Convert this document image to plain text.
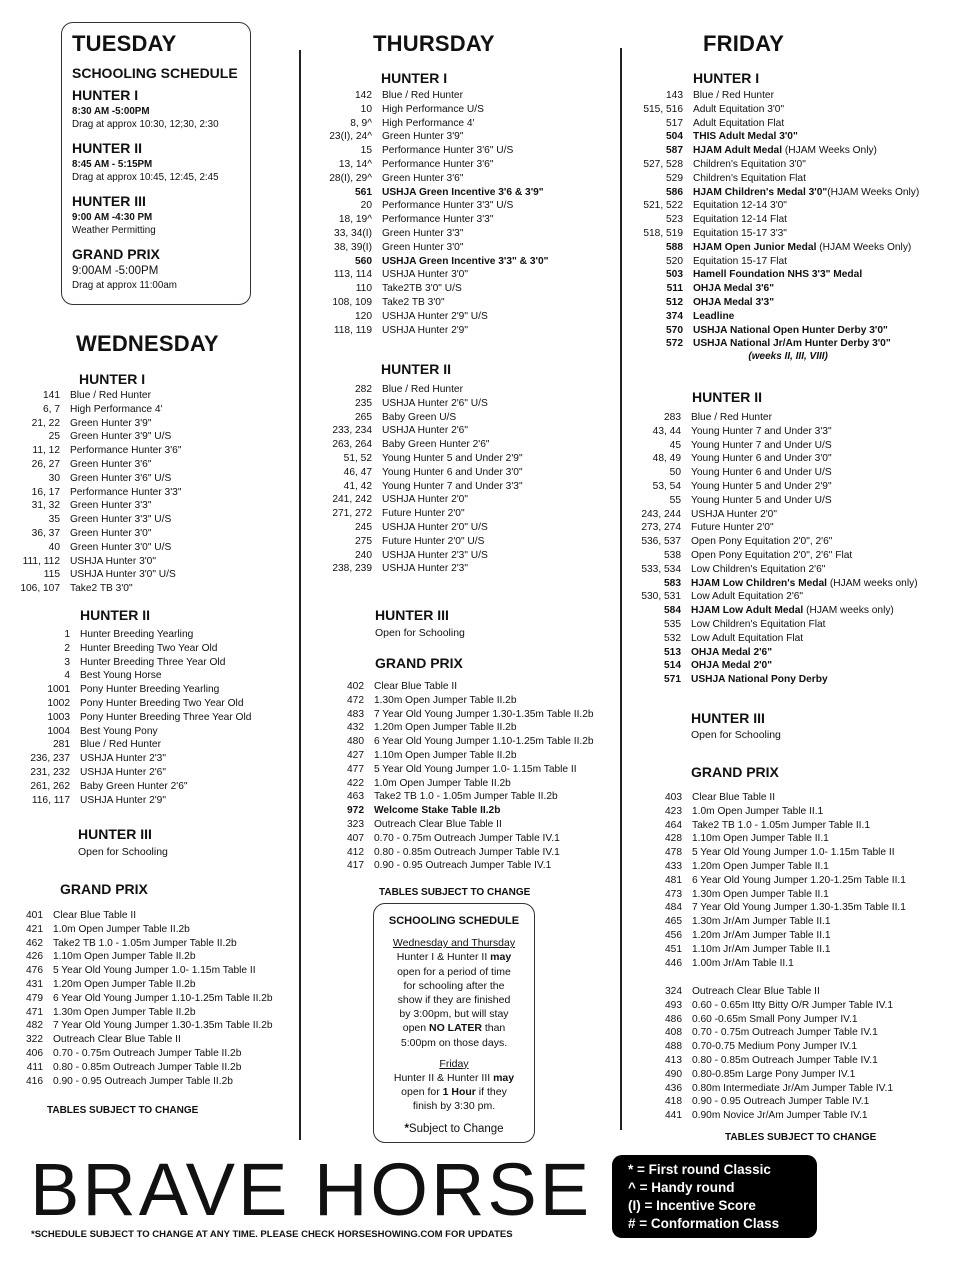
TUESDAY
SCHOOLING SCHEDULE
HUNTER I
8:30 AM -5:00PM
Drag at approx 10:30, 12;30, 2:30
HUNTER II
8:45 AM - 5:15PM
Drag at approx 10:45, 12:45, 2:45
HUNTER III
9:00 AM -4:30 PM
Weather Permitting
GRAND PRIX
9:00AM -5:00PM
Drag at approx 11:00am
WEDNESDAY
HUNTER I
141 Blue / Red Hunter
6, 7 High Performance 4'
21, 22 Green Hunter 3'9"
25 Green Hunter 3'9" U/S
11, 12 Performance Hunter 3'6"
26, 27 Green Hunter 3'6"
30 Green Hunter 3'6" U/S
16, 17 Performance Hunter 3'3"
31, 32 Green Hunter 3'3"
35 Green Hunter 3'3" U/S
36, 37 Green Hunter 3'0"
40 Green Hunter 3'0" U/S
111, 112 USHJA Hunter 3'0"
115 USHJA Hunter 3'0" U/S
106, 107 Take2 TB 3'0"
HUNTER II
1 Hunter Breeding Yearling
2 Hunter Breeding Two Year Old
3 Hunter Breeding Three Year Old
4 Best Young Horse
1001 Pony Hunter Breeding Yearling
1002 Pony Hunter Breeding Two Year Old
1003 Pony Hunter Breeding Three Year Old
1004 Best Young Pony
281 Blue / Red Hunter
236, 237 USHJA Hunter 2'3"
231, 232 USHJA Hunter 2'6"
261, 262 Baby Green Hunter 2'6"
116, 117 USHJA Hunter 2'9"
HUNTER III
Open for Schooling
GRAND PRIX
401 Clear Blue Table II
421 1.0m Open Jumper Table II.2b
462 Take2 TB 1.0 - 1.05m Jumper Table II.2b
426 1.10m Open Jumper Table II.2b
476 5 Year Old Young Jumper 1.0- 1.15m Table II
431 1.20m Open Jumper Table II.2b
479 6 Year Old Young Jumper 1.10-1.25m Table II.2b
471 1.30m Open Jumper Table II.2b
482 7 Year Old Young Jumper 1.30-1.35m Table II.2b
322 Outreach Clear Blue Table II
406 0.70 - 0.75m Outreach Jumper Table II.2b
411 0.80 - 0.85m Outreach Jumper Table II.2b
416 0.90 - 0.95 Outreach Jumper Table II.2b
TABLES SUBJECT TO CHANGE
THURSDAY
HUNTER I
142 Blue / Red Hunter
10 High Performance U/S
8, 9^ High Performance 4'
23(I), 24^ Green Hunter 3'9"
15 Performance Hunter 3'6" U/S
13, 14^ Performance Hunter 3'6"
28(I), 29^ Green Hunter 3'6"
561 USHJA Green Incentive 3'6 & 3'9"
20 Performance Hunter 3'3" U/S
18, 19^ Performance Hunter 3'3"
33, 34(I) Green Hunter 3'3"
38, 39(I) Green Hunter 3'0"
560 USHJA Green Incentive 3'3" & 3'0"
113, 114 USHJA Hunter 3'0"
110 Take2TB 3'0" U/S
108, 109 Take2 TB 3'0"
120 USHJA Hunter 2'9" U/S
118, 119 USHJA Hunter 2'9"
HUNTER II
282 Blue / Red Hunter
235 USHJA Hunter 2'6" U/S
265 Baby Green U/S
233, 234 USHJA Hunter 2'6"
263, 264 Baby Green Hunter 2'6"
51, 52 Young Hunter 5 and Under 2'9"
46, 47 Young Hunter 6 and Under 3'0"
41, 42 Young Hunter 7 and Under 3'3"
241, 242 USHJA Hunter 2'0"
271, 272 Future Hunter 2'0"
245 USHJA Hunter 2'0" U/S
275 Future Hunter 2'0" U/S
240 USHJA Hunter 2'3" U/S
238, 239 USHJA Hunter 2'3"
HUNTER III
Open for Schooling
GRAND PRIX
402 Clear Blue Table II
472 1.30m Open Jumper Table II.2b
483 7 Year Old Young Jumper 1.30-1.35m Table II.2b
432 1.20m Open Jumper Table II.2b
480 6 Year Old Young Jumper 1.10-1.25m Table II.2b
427 1.10m Open Jumper Table II.2b
477 5 Year Old Young Jumper 1.0- 1.15m Table II
422 1.0m Open Jumper Table II.2b
463 Take2 TB 1.0 - 1.05m Jumper Table II.2b
972 Welcome Stake Table II.2b
323 Outreach Clear Blue Table II
407 0.70 - 0.75m Outreach Jumper Table IV.1
412 0.80 - 0.85m Outreach Jumper Table IV.1
417 0.90 - 0.95 Outreach Jumper Table IV.1
TABLES SUBJECT TO CHANGE
SCHOOLING SCHEDULE
Wednesday and Thursday
Hunter I & Hunter II may
open for a period of time
for schooling after the
show if they are finished
by 3:00pm, but will stay
open NO LATER than
5:00pm on those days.
Friday
Hunter II & Hunter III may
open for 1 Hour if they
finish by 3:30 pm.
*Subject to Change
FRIDAY
HUNTER I
143 Blue / Red Hunter
515, 516 Adult Equitation 3'0"
517 Adult Equitation Flat
504 THIS Adult Medal 3'0"
587 HJAM Adult Medal (HJAM Weeks Only)
527, 528 Children's Equitation 3'0"
529 Children's Equitation Flat
586 HJAM Children's Medal 3'0"(HJAM Weeks Only)
521, 522 Equitation 12-14 3'0"
523 Equitation 12-14 Flat
518, 519 Equitation 15-17 3'3"
588 HJAM Open Junior Medal (HJAM Weeks Only)
520 Equitation 15-17 Flat
503 Hamell Foundation NHS 3'3" Medal
511 OHJA Medal 3'6"
512 OHJA Medal 3'3"
374 Leadline
570 USHJA National Open Hunter Derby 3'0"
572 USHJA National Jr/Am Hunter Derby 3'0"
(weeks II, III, VIII)
HUNTER II
283 Blue / Red Hunter
43, 44 Young Hunter 7 and Under 3'3"
45 Young Hunter 7 and Under U/S
48, 49 Young Hunter 6 and Under 3'0"
50 Young Hunter 6 and Under U/S
53, 54 Young Hunter 5 and Under 2'9"
55 Young Hunter 5 and Under U/S
243, 244 USHJA Hunter 2'0"
273, 274 Future Hunter 2'0"
536, 537 Open Pony Equitation 2'0", 2'6"
538 Open Pony Equitation 2'0", 2'6" Flat
533, 534 Low Children's Equitation 2'6"
583 HJAM Low Children's Medal (HJAM weeks only)
530, 531 Low Adult Equitation 2'6"
584 HJAM Low Adult Medal (HJAM weeks only)
535 Low Children's Equitation Flat
532 Low Adult Equitation Flat
513 OHJA Medal 2'6"
514 OHJA Medal 2'0"
571 USHJA National Pony Derby
HUNTER III
Open for Schooling
GRAND PRIX
403 Clear Blue Table II
423 1.0m Open Jumper Table II.1
464 Take2 TB 1.0 - 1.05m Jumper Table II.1
428 1.10m Open Jumper Table II.1
478 5 Year Old Young Jumper 1.0- 1.15m Table II
433 1.20m Open Jumper Table II.1
481 6 Year Old Young Jumper 1.20-1.25m Table II.1
473 1.30m Open Jumper Table II.1
484 7 Year Old Young Jumper 1.30-1.35m Table II.1
465 1.30m Jr/Am Jumper Table II.1
456 1.20m Jr/Am Jumper Table II.1
451 1.10m Jr/Am Jumper Table II.1
446 1.00m Jr/Am Table II.1
324 Outreach Clear Blue Table II
493 0.60 - 0.65m Itty Bitty O/R Jumper Table IV.1
486 0.60 -0.65m Small Pony Jumper IV.1
408 0.70 - 0.75m Outreach Jumper Table IV.1
488 0.70-0.75 Medium Pony Jumper IV.1
413 0.80 - 0.85m Outreach Jumper Table IV.1
490 0.80-0.85m Large Pony Jumper IV.1
436 0.80m Intermediate Jr/Am Jumper Table IV.1
418 0.90 - 0.95 Outreach Jumper Table IV.1
441 0.90m Novice Jr/Am Jumper Table IV.1
TABLES SUBJECT TO CHANGE
BRAVE HORSE
*SCHEDULE SUBJECT TO CHANGE AT ANY TIME. PLEASE CHECK HORSESHOWING.COM FOR UPDATES
* = First round Classic
^ = Handy round
(I) = Incentive Score
# = Conformation Class
